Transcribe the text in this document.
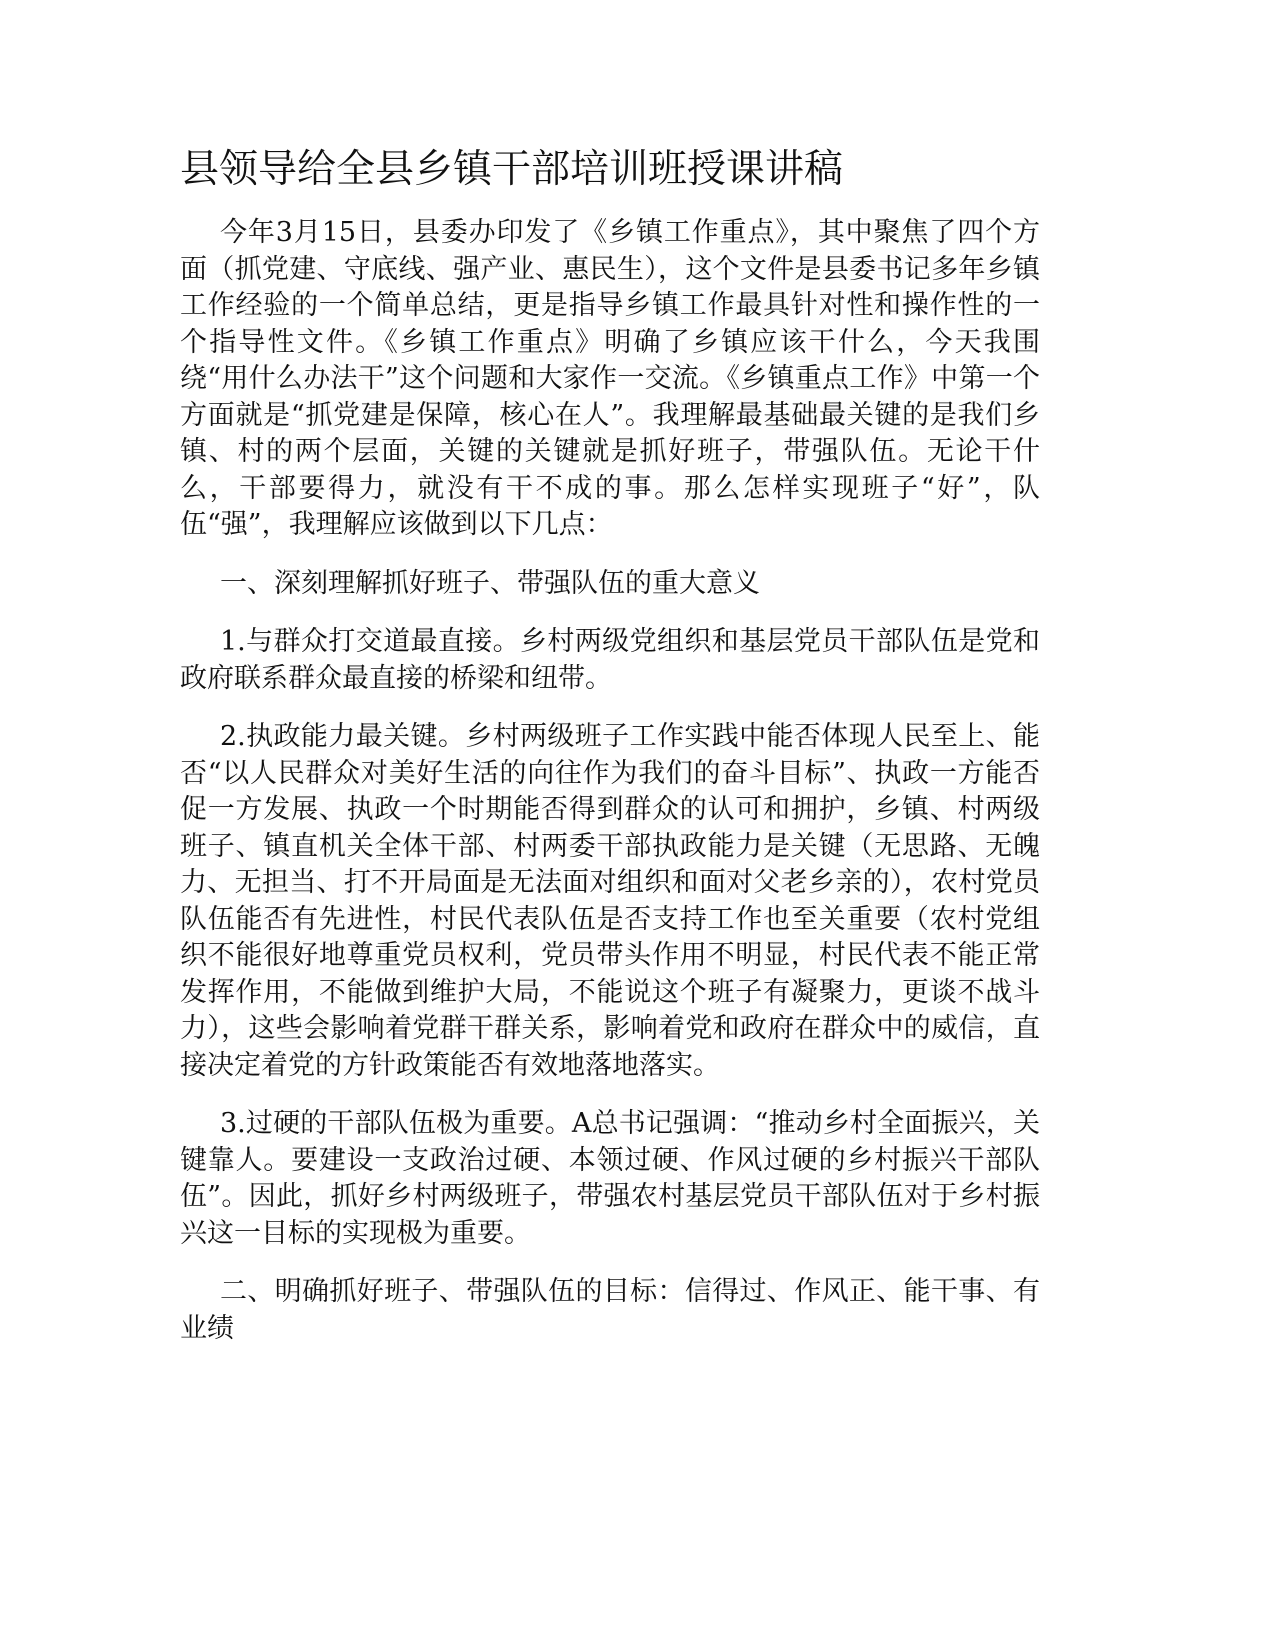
县领导给全县乡镇干部培训班授课讲稿

今年3月15日，县委办印发了《乡镇工作重点》，其中聚焦了四个方面（抓党建、守底线、强产业、惠民生），这个文件是县委书记多年乡镇工作经验的一个简单总结，更是指导乡镇工作最具针对性和操作性的一个指导性文件。《乡镇工作重点》明确了乡镇应该干什么，今天我围绕“用什么办法干”这个问题和大家作一交流。《乡镇重点工作》中第一个方面就是“抓党建是保障，核心在人”。我理解最基础最关键的是我们乡镇、村的两个层面，关键的关键就是抓好班子，带强队伍。无论干什么，干部要得力，就没有干不成的事。那么怎样实现班子“好”，队伍“强”，我理解应该做到以下几点：

一、深刻理解抓好班子、带强队伍的重大意义

1.与群众打交道最直接。乡村两级党组织和基层党员干部队伍是党和政府联系群众最直接的桥梁和纽带。

2.执政能力最关键。乡村两级班子工作实践中能否体现人民至上、能否“以人民群众对美好生活的向往作为我们的奋斗目标”、执政一方能否促一方发展、执政一个时期能否得到群众的认可和拥护，乡镇、村两级班子、镇直机关全体干部、村两委干部执政能力是关键（无思路、无魄力、无担当、打不开局面是无法面对组织和面对父老乡亲的），农村党员队伍能否有先进性，村民代表队伍是否支持工作也至关重要（农村党组织不能很好地尊重党员权利，党员带头作用不明显，村民代表不能正常发挥作用，不能做到维护大局，不能说这个班子有凝聚力，更谈不战斗力），这些会影响着党群干群关系，影响着党和政府在群众中的威信，直接决定着党的方针政策能否有效地落地落实。

3.过硬的干部队伍极为重要。A总书记强调：“推动乡村全面振兴，关键靠人。要建设一支政治过硬、本领过硬、作风过硬的乡村振兴干部队伍”。因此，抓好乡村两级班子，带强农村基层党员干部队伍对于乡村振兴这一目标的实现极为重要。

二、明确抓好班子、带强队伍的目标：信得过、作风正、能干事、有业绩
